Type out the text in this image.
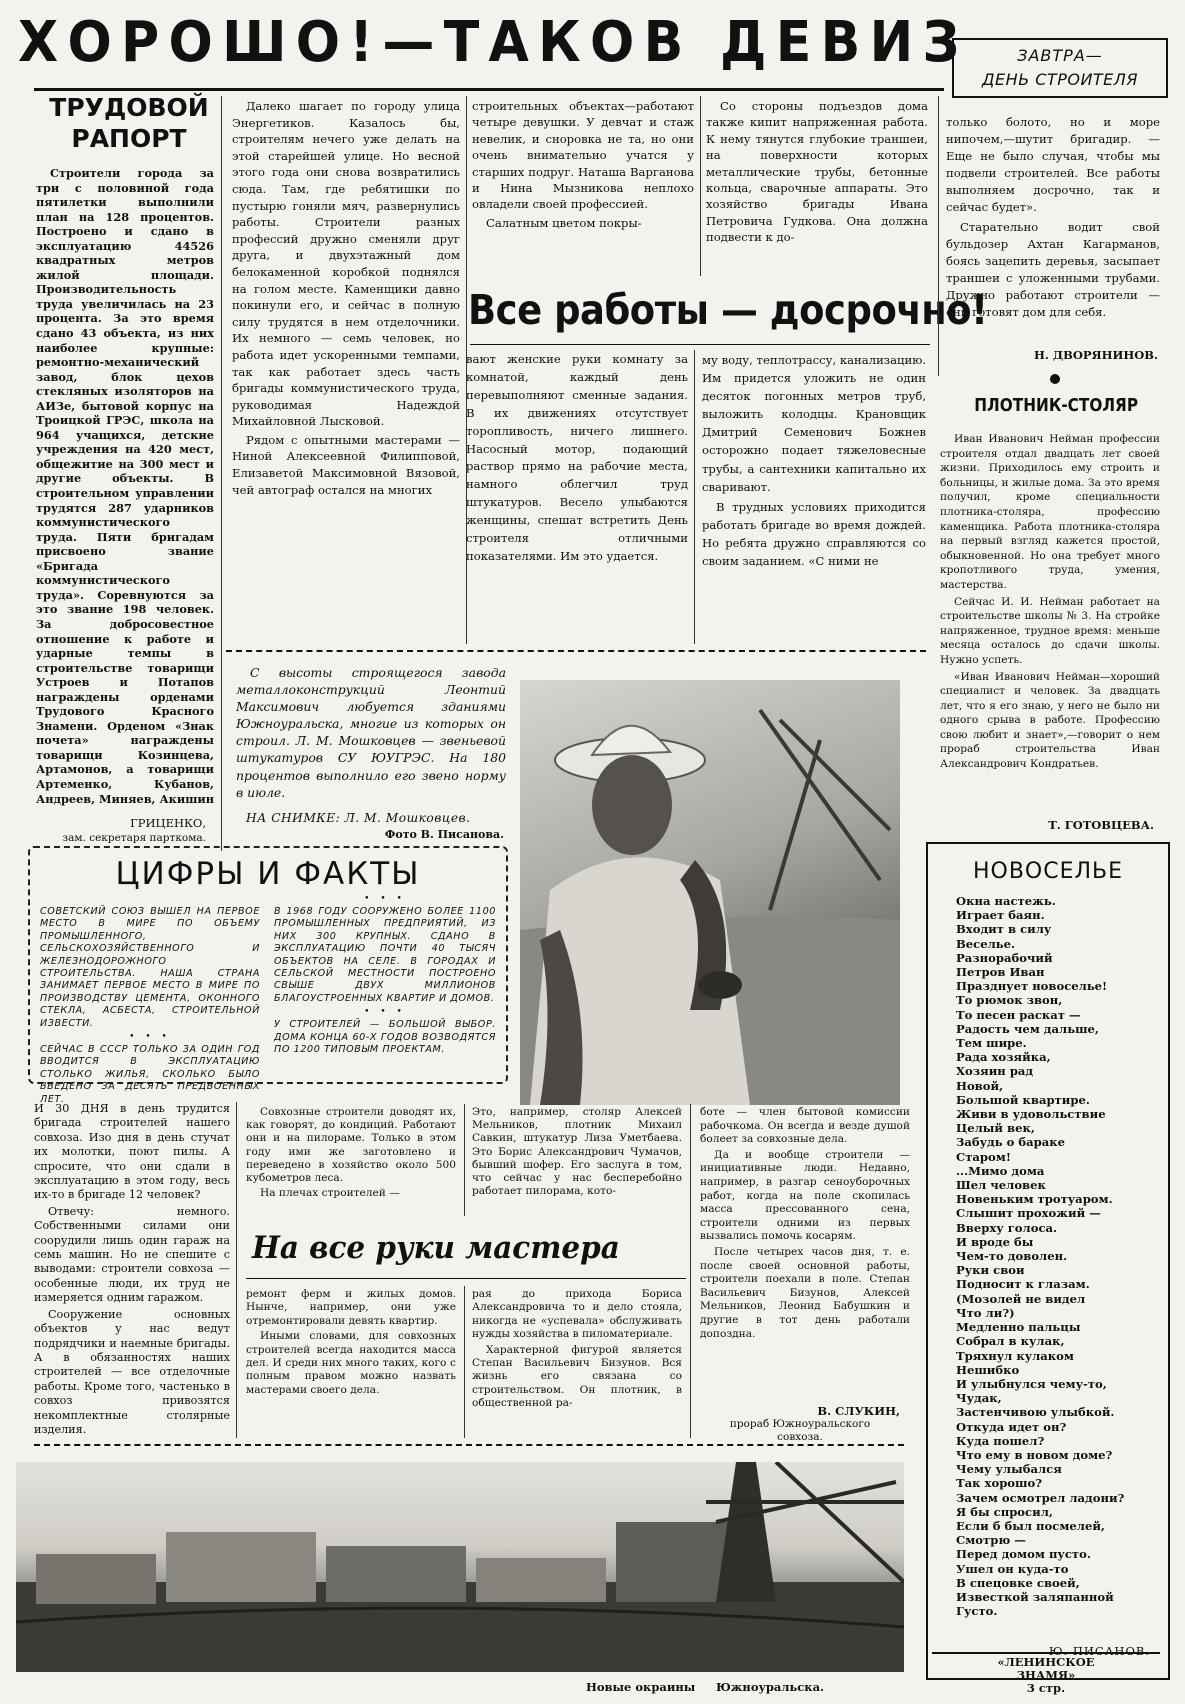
ХОРОШО!—ТАКОВ ДЕВИЗ	ЗАВТРА—
ДЕНЬ СТРОИТЕЛЯ
ТРУДОВОЙ
РАПОРТ

Строители города за три с половиной года пятилетки выполнили план на 128 процентов. Построено и сдано в эксплуатацию 44526 квадратных метров жилой площади. Производительность труда увеличилась на 23 процента. За это время сдано 43 объекта, из них наиболее крупные: ремонтно-механический завод, блок цехов стекляных изоляторов на АИЗе, бытовой корпус на Троицкой ГРЭС, школа на 964 учащихся, детские учреждения на 420 мест, общежитие на 300 мест и другие объекты. В строительном управлении трудятся 287 ударников коммунистического труда. Пяти бригадам присвоено звание «Бригада коммунистического труда». Соревнуются за это звание 198 человек. За добросовестное отношение к работе и ударные темпы в строительстве товарищи Устроев и Потапов награждены орденами Трудового Красного Знамени. Орденом «Знак почета» награждены товарищи Козинцева, Артамонов, а товарищи Артеменко, Кубанов, Андреев, Миняев, Акишин

ГРИЦЕНКО,
зам. секретаря парткома.

Далеко шагает по городу улица Энергетиков. Казалось бы, строителям нечего уже делать на этой старейшей улице. Но весной этого года они снова возвратились сюда. Там, где ребятишки по пустырю гоняли мяч, развернулись работы. Строители разных профессий дружно сменяли друг друга, и двухэтажный дом белокаменной коробкой поднялся на голом месте. Каменщики давно покинули его, и сейчас в полную силу трудятся в нем отделочники. Их немного — семь человек, но работа идет ускоренными темпами, так как работает здесь часть бригады коммунистического труда, руководимая Надеждой Михайловной Лысковой.

Рядом с опытными мастерами — Ниной Алексеевной Филипповой, Елизаветой Максимовной Вязовой, чей автограф остался на многих

строительных объектах—работают четыре девушки. У девчат и стаж невелик, и сноровка не та, но они очень внимательно учатся у старших подруг. Наташа Варганова и Нина Мызникова неплохо овладели своей профессией.

Салатным цветом покры-

Со стороны подъездов дома также кипит напряженная работа. К нему тянутся глубокие траншеи, на поверхности которых металлические трубы, бетонные кольца, сварочные аппараты. Это хозяйство бригады Ивана Петровича Гудкова. Она должна подвести к до-

Все работы — досрочно!

вают женские руки комнату за комнатой, каждый день перевыполняют сменные задания. В их движениях отсутствует торопливость, ничего лишнего. Насосный мотор, подающий раствор прямо на рабочие места, намного облегчил труд штукатуров. Весело улыбаются женщины, спешат встретить День строителя отличными показателями. Им это удается.

му воду, теплотрассу, канализацию. Им придется уложить не один десяток погонных метров труб, выложить колодцы. Крановщик Дмитрий Семенович Божнев осторожно подает тяжеловесные трубы, а сантехники капитально их сваривают.

В трудных условиях приходится работать бригаде во время дождей. Но ребята дружно справляются со своим заданием. «С ними не

только болото, но и море нипочем,—шутит бригадир. — Еще не было случая, чтобы мы подвели строителей. Все работы выполняем досрочно, так и сейчас будет».

Старательно водит свой бульдозер Ахтан Кагарманов, боясь зацепить деревья, засыпает траншеи с уложенными трубами. Дружно работают строители — они готовят дом для себя.

Н. ДВОРЯНИНОВ.
ПЛОТНИК-СТОЛЯР

Иван Иванович Нейман профессии строителя отдал двадцать лет своей жизни. Приходилось ему строить и больницы, и жилые дома. За это время получил, кроме специальности плотника-столяра, профессию каменщика. Работа плотника-столяра на первый взгляд кажется простой, обыкновенной. Но она требует много кропотливого труда, умения, мастерства.

Сейчас И. И. Нейман работает на строительстве школы № 3. На стройке напряженное, трудное время: меньше месяца осталось до сдачи школы. Нужно успеть.

«Иван Иванович Нейман—хороший специалист и человек. За двадцать лет, что я его знаю, у него не было ни одного срыва в работе. Профессию свою любит и знает»,—говорит о нем прораб строительства Иван Александрович Кондратьев.

Т. ГОТОВЦЕВА.

С высоты строящегося завода металлоконструкций Леонтий Максимович любуется зданиями Южноуральска, многие из которых он строил. Л. М. Мошковцев — звеньевой штукатуров СУ ЮУГРЭС. На 180 процентов выполнило его звено норму в июле.

НА СНИМКЕ: Л. М. Мошковцев.
Фото В. Писанова.
ЦИФРЫ И ФАКТЫ
СОВЕТСКИЙ СОЮЗ ВЫШЕЛ НА ПЕРВОЕ МЕСТО В МИРЕ ПО ОБЪЕМУ ПРОМЫШЛЕННОГО, СЕЛЬСКОХОЗЯЙСТВЕННОГО И ЖЕЛЕЗНОДОРОЖНОГО СТРОИТЕЛЬСТВА. НАША СТРАНА ЗАНИМАЕТ ПЕРВОЕ МЕСТО В МИРЕ ПО ПРОИЗВОДСТВУ ЦЕМЕНТА, ОКОННОГО СТЕКЛА, АСБЕСТА, СТРОИТЕЛЬНОЙ ИЗВЕСТИ.
• • •
СЕЙЧАС В СССР ТОЛЬКО ЗА ОДИН ГОД ВВОДИТСЯ В ЭКСПЛУАТАЦИЮ СТОЛЬКО ЖИЛЬЯ, СКОЛЬКО БЫЛО ВВЕДЕНО ЗА ДЕСЯТЬ ПРЕДВОЕННЫХ ЛЕТ.
• • •
В 1968 ГОДУ СООРУЖЕНО БОЛЕЕ 1100 ПРОМЫШЛЕННЫХ ПРЕДПРИЯТИЙ, ИЗ НИХ 300 КРУПНЫХ. СДАНО В ЭКСПЛУАТАЦИЮ ПОЧТИ 40 ТЫСЯЧ ОБЪЕКТОВ НА СЕЛЕ. В ГОРОДАХ И СЕЛЬСКОЙ МЕСТНОСТИ ПОСТРОЕНО СВЫШЕ ДВУХ МИЛЛИОНОВ БЛАГОУСТРОЕННЫХ КВАРТИР И ДОМОВ.
• • •
У СТРОИТЕЛЕЙ — БОЛЬШОЙ ВЫБОР. ДОМА КОНЦА 60-Х ГОДОВ ВОЗВОДЯТСЯ ПО 1200 ТИПОВЫМ ПРОЕКТАМ.
НОВОСЕЛЬЕ
Окна настежь.
Играет баян.
Входит в силу
Веселье.
Разнорабочий
Петров Иван
Празднует новоселье!
То рюмок звон,
То песен раскат —
Радость чем дальше,
Тем шире.
Рада хозяйка,
Хозяин рад
Новой,
Большой квартире.
Живи в удовольствие
Целый век,
Забудь о бараке
Старом!
...Мимо дома
Шел человек
Новеньким тротуаром.
Слышит прохожий —
Вверху голоса.
И вроде бы
Чем-то доволен.
Руки свои
Подносит к глазам.
(Мозолей не видел
Что ли?)
Медленно пальцы
Собрал в кулак,
Тряхнул кулаком
Нешибко
И улыбнулся чему-то,
Чудак,
Застенчивою улыбкой.
Откуда идет он?
Куда пошел?
Что ему в новом доме?
Чему улыбался
Так хорошо?
Зачем осмотрел ладони?
Я бы спросил,
Если б был посмелей,
Смотрю —
Перед домом пусто.
Ушел он куда-то
В спецовке своей,
Известкой заляпанной
Густо.
Ю. ПИСАНОВ.

И 30 ДНЯ в день трудится бригада строителей нашего совхоза. Изо дня в день стучат их молотки, поют пилы. А спросите, что они сдали в эксплуатацию в этом году, весь их-то в бригаде 12 человек?

Отвечу: немного. Собственными силами они соорудили лишь один гараж на семь машин. Но не спешите с выводами: строители совхоза — особенные люди, их труд не измеряется одним гаражом.

Сооружение основных объектов у нас ведут подрядчики и наемные бригады. А в обязанностях наших строителей — все отделочные работы. Кроме того, частенько в совхоз привозятся некомплектные столярные изделия.

Совхозные строители доводят их, как говорят, до кондиций. Работают они и на пилораме. Только в этом году ими же заготовлено и переведено в хозяйство около 500 кубометров леса.

На плечах строителей —

Это, например, столяр Алексей Мельников, плотник Михаил Савкин, штукатур Лиза Уметбаева. Это Борис Александрович Чумачов, бывший шофер. Его заслуга в том, что сейчас у нас бесперебойно работает пилорама, кото-

боте — член бытовой комиссии рабочкома. Он всегда и везде душой болеет за совхозные дела.

Да и вообще строители — инициативные люди. Недавно, например, в разгар сеноуборочных работ, когда на поле скопилась масса прессованного сена, строители одними из первых вызвались помочь косарям.

После четырех часов дня, т. е. после своей основной работы, строители поехали в поле. Степан Васильевич Бизунов, Алексей Мельников, Леонид Бабушкин и другие в тот день работали допоздна.

В. СЛУКИН,
прораб Южноуральского
совхоза.
На все руки мастера

ремонт ферм и жилых домов. Нынче, например, они уже отремонтировали девять квартир.

Иными словами, для совхозных строителей всегда находится масса дел. И среди них много таких, кого с полным правом можно назвать мастерами своего дела.

рая до прихода Бориса Александровича то и дело стояла, никогда не «успевала» обслуживать нужды хозяйства в пиломатериале.

Характерной фигурой является Степан Васильевич Бизунов. Вся жизнь его связана со строительством. Он плотник, в общественной ра-

Новые окраины Южноуральска.
«ЛЕНИНСКОЕ
ЗНАМЯ»
3 стр.
